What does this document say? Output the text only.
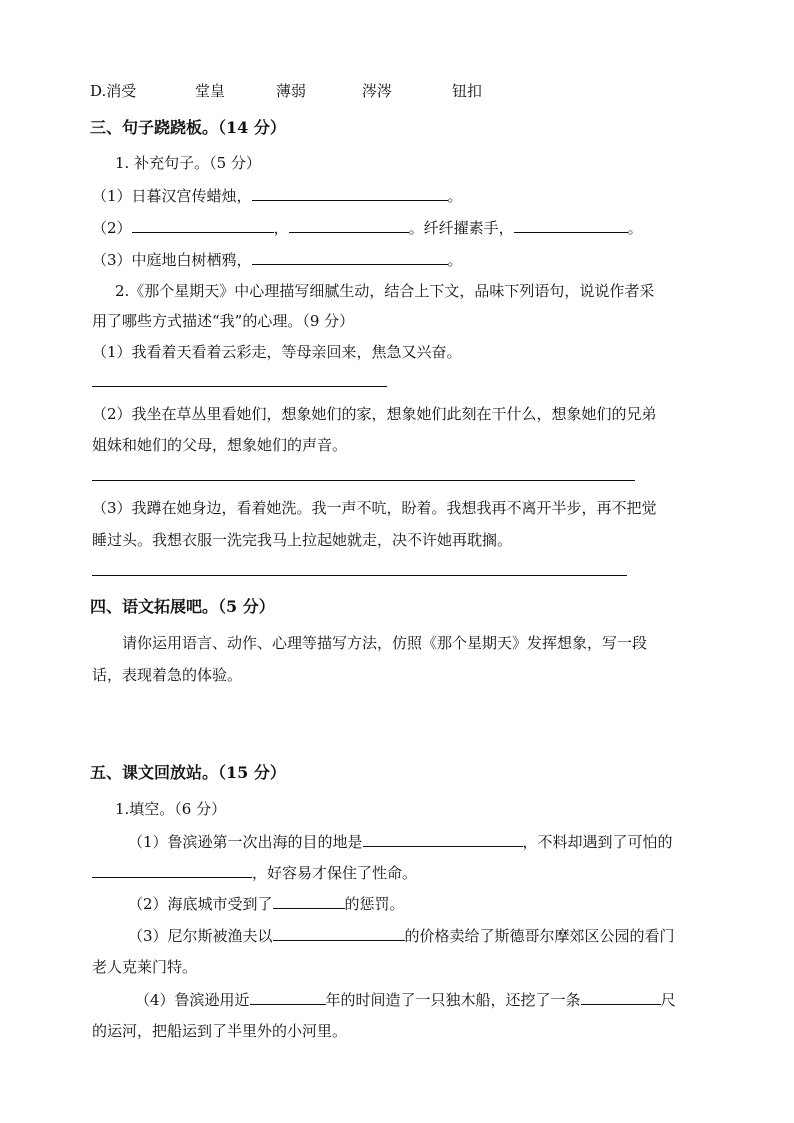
D.消受	堂皇	薄弱	涔涔	钮扣
三、句子跷跷板。（14 分）
1. 补充句子。（5 分）
（1）日暮汉宫传蜡烛，	。
（2）	，	。纤纤擢素手，	。
（3）中庭地白树栖鸦，	。
2.《那个星期天》中心理描写细腻生动，结合上下文，品味下列语句，说说作者采
用了哪些方式描述“我”的心理。（9 分）
（1）我看着天看着云彩走，等母亲回来，焦急又兴奋。
（2）我坐在草丛里看她们，想象她们的家，想象她们此刻在干什么，想象她们的兄弟
姐妹和她们的父母，想象她们的声音。
（3）我蹲在她身边，看着她洗。我一声不吭，盼着。我想我再不离开半步，再不把觉
睡过头。我想衣服一洗完我马上拉起她就走，决不许她再耽搁。
四、语文拓展吧。（5 分）
请你运用语言、动作、心理等描写方法，仿照《那个星期天》发挥想象，写一段
话，表现着急的体验。
五、课文回放站。（15 分）
1.填空。（6 分）
（1）鲁滨逊第一次出海的目的地是	，不料却遇到了可怕的
，好容易才保住了性命。
（2）海底城市受到了	的惩罚。
（3）尼尔斯被渔夫以	的价格卖给了斯德哥尔摩郊区公园的看门
老人克莱门特。
（4）鲁滨逊用近	年的时间造了一只独木船，还挖了一条	尺
的运河，把船运到了半里外的小河里。
